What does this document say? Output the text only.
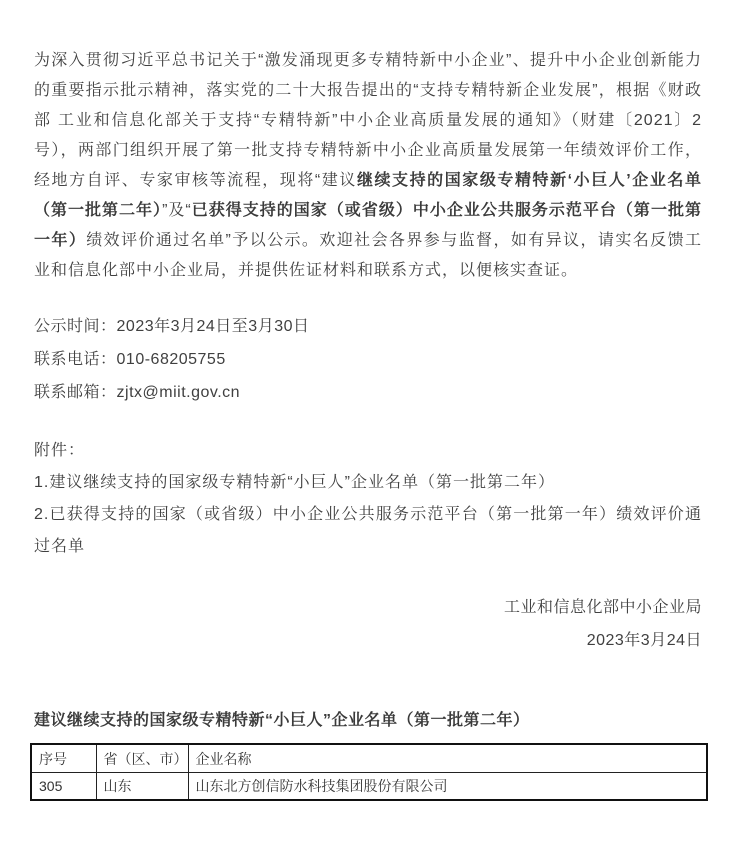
为深入贯彻习近平总书记关于“激发涌现更多专精特新中小企业”、提升中小企业创新能力的重要指示批示精神，落实党的二十大报告提出的“支持专精特新企业发展”，根据《财政部 工业和信息化部关于支持“专精特新”中小企业高质量发展的通知》（财建〔2021〕2号），两部门组织开展了第一批支持专精特新中小企业高质量发展第一年绩效评价工作，经地方自评、专家审核等流程，现将“建议继续支持的国家级专精特新‘小巨人’企业名单（第一批第二年）”及“已获得支持的国家（或省级）中小企业公共服务示范平台（第一批第一年）绩效评价通过名单”予以公示。欢迎社会各界参与监督，如有异议，请实名反馈工业和信息化部中小企业局，并提供佐证材料和联系方式，以便核实查证。

公示时间：2023年3月24日至3月30日

联系电话：010-68205755

联系邮箱：zjtx@miit.gov.cn

附件：

1.建议继续支持的国家级专精特新“小巨人”企业名单（第一批第二年）

2.已获得支持的国家（或省级）中小企业公共服务示范平台（第一批第一年）绩效评价通过名单

工业和信息化部中小企业局

2023年3月24日

建议继续支持的国家级专精特新“小巨人”企业名单（第一批第二年）

序号	省（区、市）	企业名称
305	山东	山东北方创信防水科技集团股份有限公司
